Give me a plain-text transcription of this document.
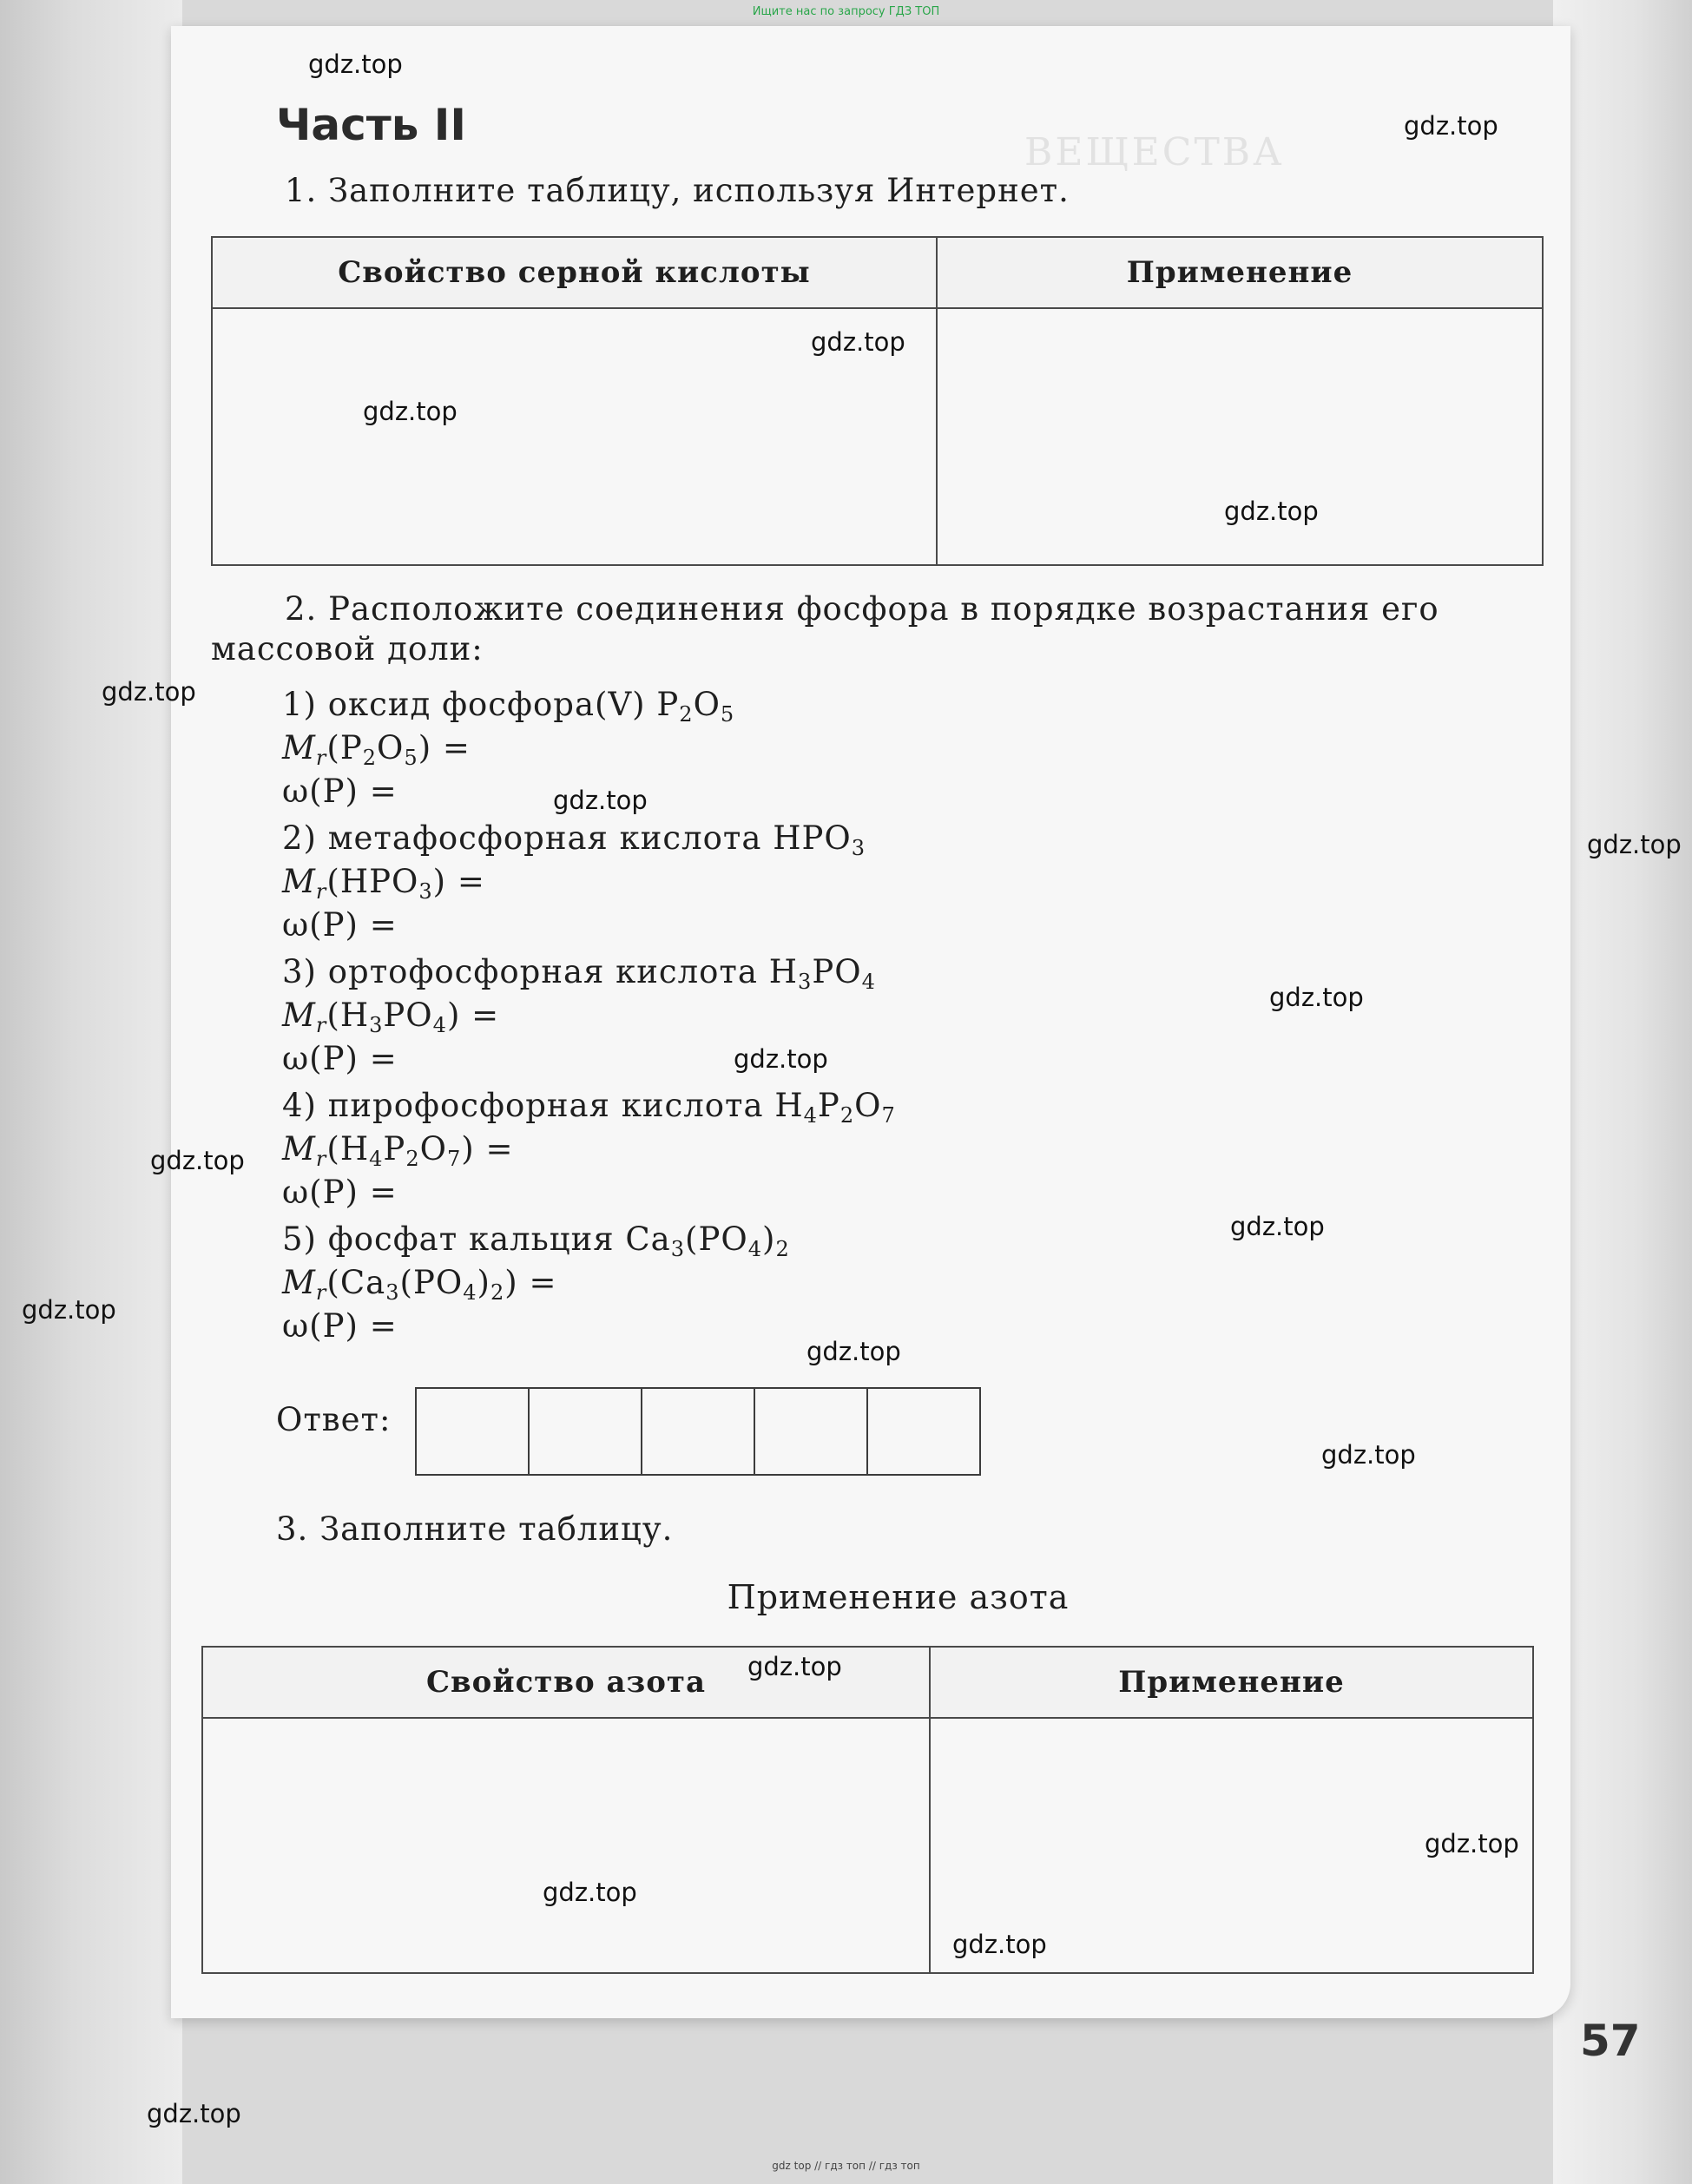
Ищите нас по запросу ГДЗ ТОП
ВЕЩЕСТВА
Часть II
1. Заполните таблицу, используя Интернет.
Свойство серной кислоты	Применение

2. Расположите соединения фосфора в порядке возрастания его
массовой доли:
1) оксид фосфора(V) $P_2O_5$
$M_r(P_2O_5)$ =
ω(P) =
2) метафосфорная кислота $HPO_3$
$M_r(HPO_3)$ =
ω(P) =
3) ортофосфорная кислота $H_3PO_4$
$M_r(H_3PO_4)$ =
ω(P) =
4) пирофосфорная кислота $H_4P_2O_7$
$M_r(H_4P_2O_7)$ =
ω(P) =
5) фосфат кальция $Ca_3(PO_4)_2$
$M_r(Ca_3(PO_4)_2)$ =
ω(P) =
Ответ:
3. Заполните таблицу.
Применение азота
Свойство азота	Применение

57
gdz.top
gdz.top
gdz.top
gdz.top
gdz.top
gdz.top
gdz.top
gdz.top
gdz.top
gdz.top
gdz.top
gdz.top
gdz.top
gdz.top
gdz.top
gdz.top
gdz.top
gdz.top
gdz.top
gdz.top
gdz top // гдз топ // гдз топ
